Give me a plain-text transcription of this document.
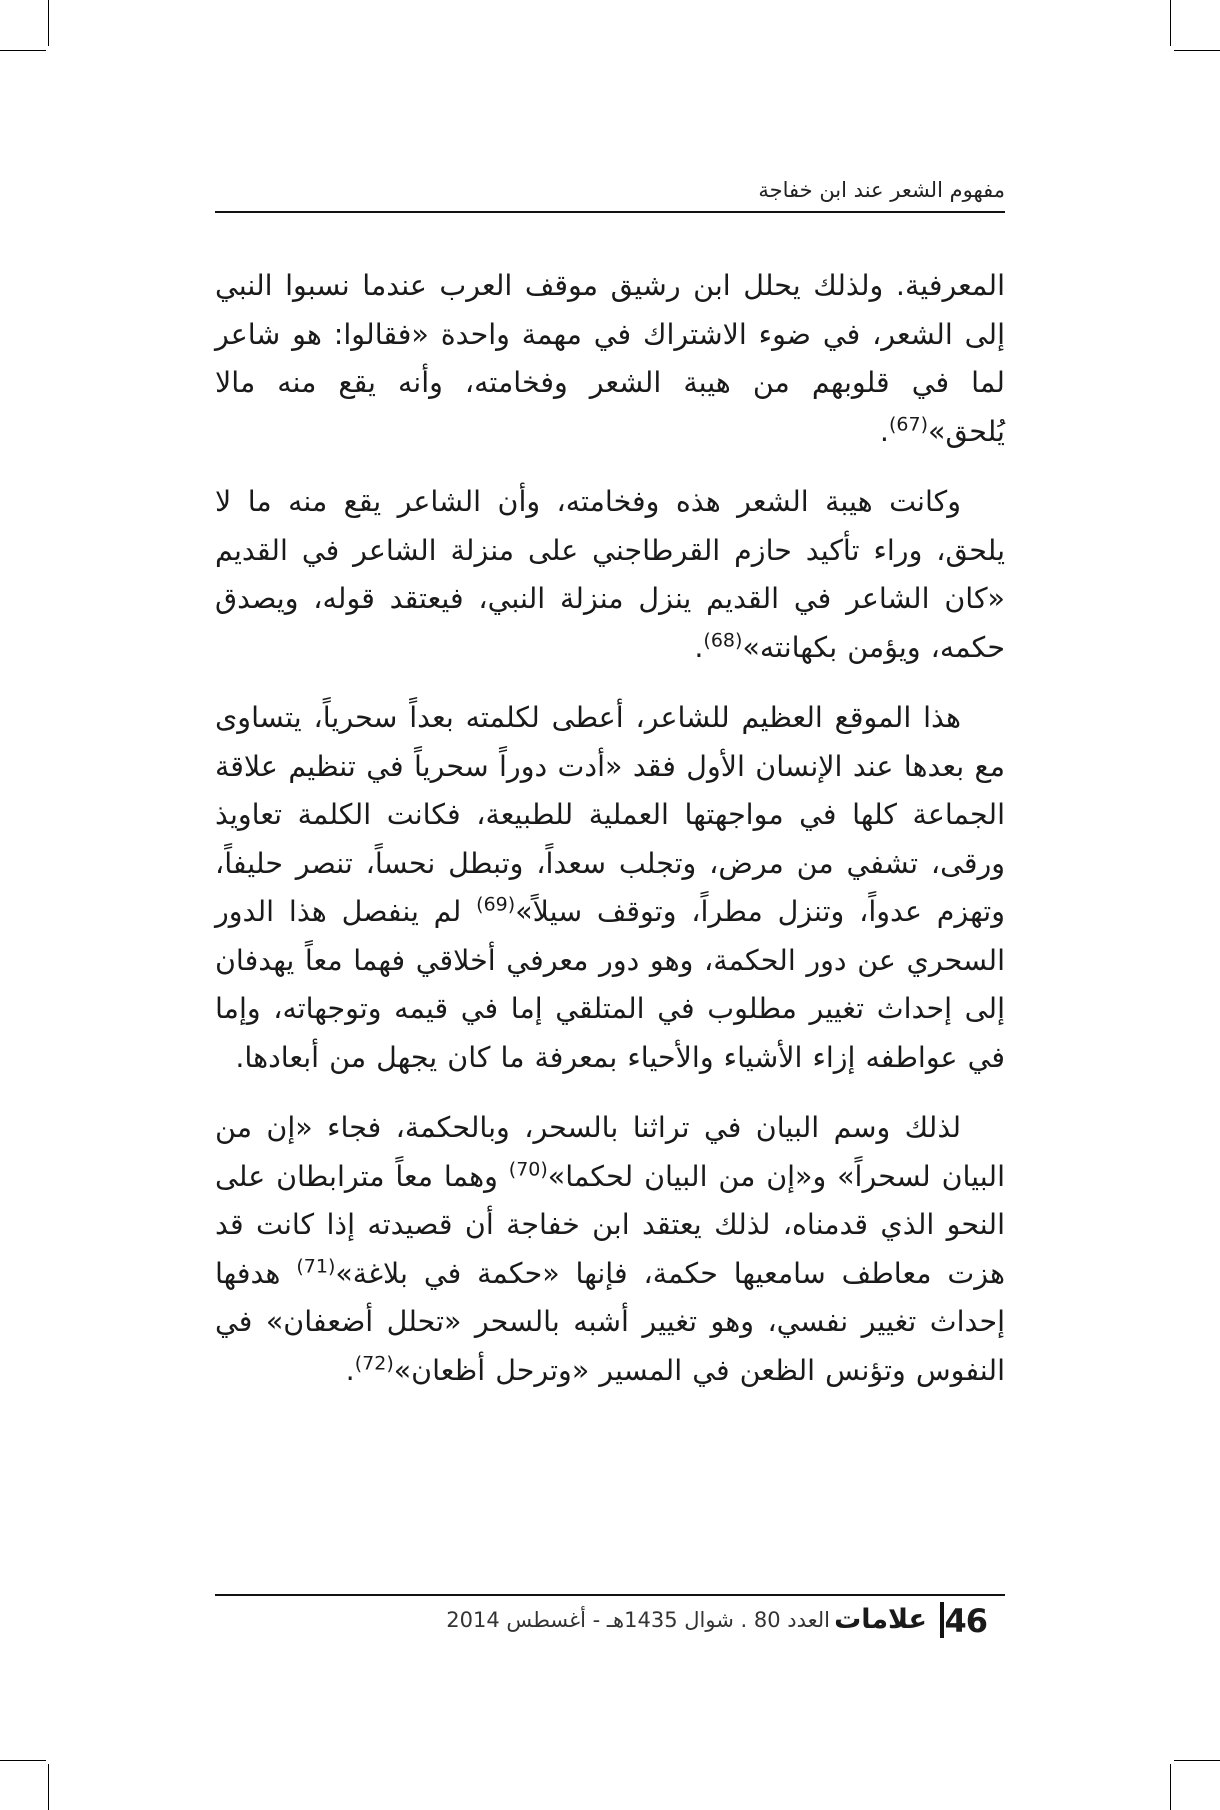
مفهوم الشعر عند ابن خفاجة

المعرفية. ولذلك يحلل ابن رشيق موقف العرب عندما نسبوا النبي إلى الشعر، في ضوء الاشتراك في مهمة واحدة «فقالوا: هو شاعر لما في قلوبهم من هيبة الشعر وفخامته، وأنه يقع منه مالا يُلحق»$^{(67)}$.

وكانت هيبة الشعر هذه وفخامته، وأن الشاعر يقع منه ما لا يلحق، وراء تأكيد حازم القرطاجني على منزلة الشاعر في القديم «كان الشاعر في القديم ينزل منزلة النبي، فيعتقد قوله، ويصدق حكمه، ويؤمن بكهانته»$^{(68)}$.

هذا الموقع العظيم للشاعر، أعطى لكلمته بعداً سحرياً، يتساوى مع بعدها عند الإنسان الأول فقد «أدت دوراً سحرياً في تنظيم علاقة الجماعة كلها في مواجهتها العملية للطبيعة، فكانت الكلمة تعاويذ ورقى، تشفي من مرض، وتجلب سعداً، وتبطل نحساً، تنصر حليفاً، وتهزم عدواً، وتنزل مطراً، وتوقف سيلاً»$^{(69)}$ لم ينفصل هذا الدور السحري عن دور الحكمة، وهو دور معرفي أخلاقي فهما معاً يهدفان إلى إحداث تغيير مطلوب في المتلقي إما في قيمه وتوجهاته، وإما في عواطفه إزاء الأشياء والأحياء بمعرفة ما كان يجهل من أبعادها.

لذلك وسم البيان في تراثنا بالسحر، وبالحكمة، فجاء «إن من البيان لسحراً» و«إن من البيان لحكما»$^{(70)}$ وهما معاً مترابطان على النحو الذي قدمناه، لذلك يعتقد ابن خفاجة أن قصيدته إذا كانت قد هزت معاطف سامعيها حكمة، فإنها «حكمة في بلاغة»$^{(71)}$ هدفها إحداث تغيير نفسي، وهو تغيير أشبه بالسحر «تحلل أضعفان» في النفوس وتؤنس الظعن في المسير «وترحل أظعان»$^{(72)}$.

46
علامات
العدد 80 . شوال 1435هـ - أغسطس 2014
